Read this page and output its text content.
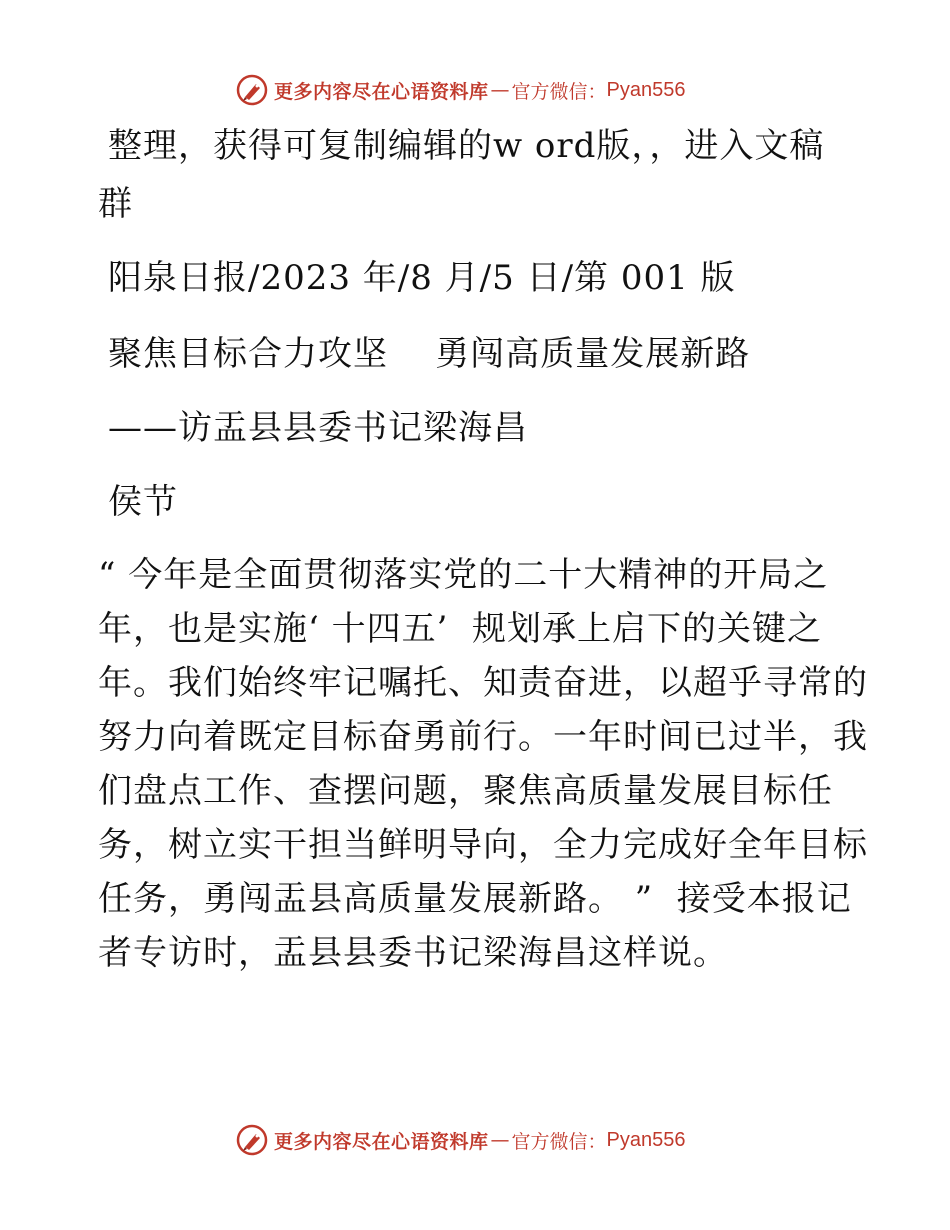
更多内容尽在心语资料库 — 官方微信： Pyan556
整理，获得可复制编辑的w ord版，，进入文稿
群
阳泉日报/2023 年/8 月/5 日/第 001 版
聚焦目标合力攻坚    勇闯高质量发展新路
——访盂县县委书记梁海昌
侯节
“ 今年是全面贯彻落实党的二十大精神的开局之
年，也是实施‘ 十四五’  规划承上启下的关键之
年。我们始终牢记嘱托、知责奋进，以超乎寻常的
努力向着既定目标奋勇前行。一年时间已过半，我
们盘点工作、查摆问题，聚焦高质量发展目标任
务，树立实干担当鲜明导向，全力完成好全年目标
任务，勇闯盂县高质量发展新路。 ”  接受本报记
者专访时，盂县县委书记梁海昌这样说。
更多内容尽在心语资料库 — 官方微信： Pyan556
